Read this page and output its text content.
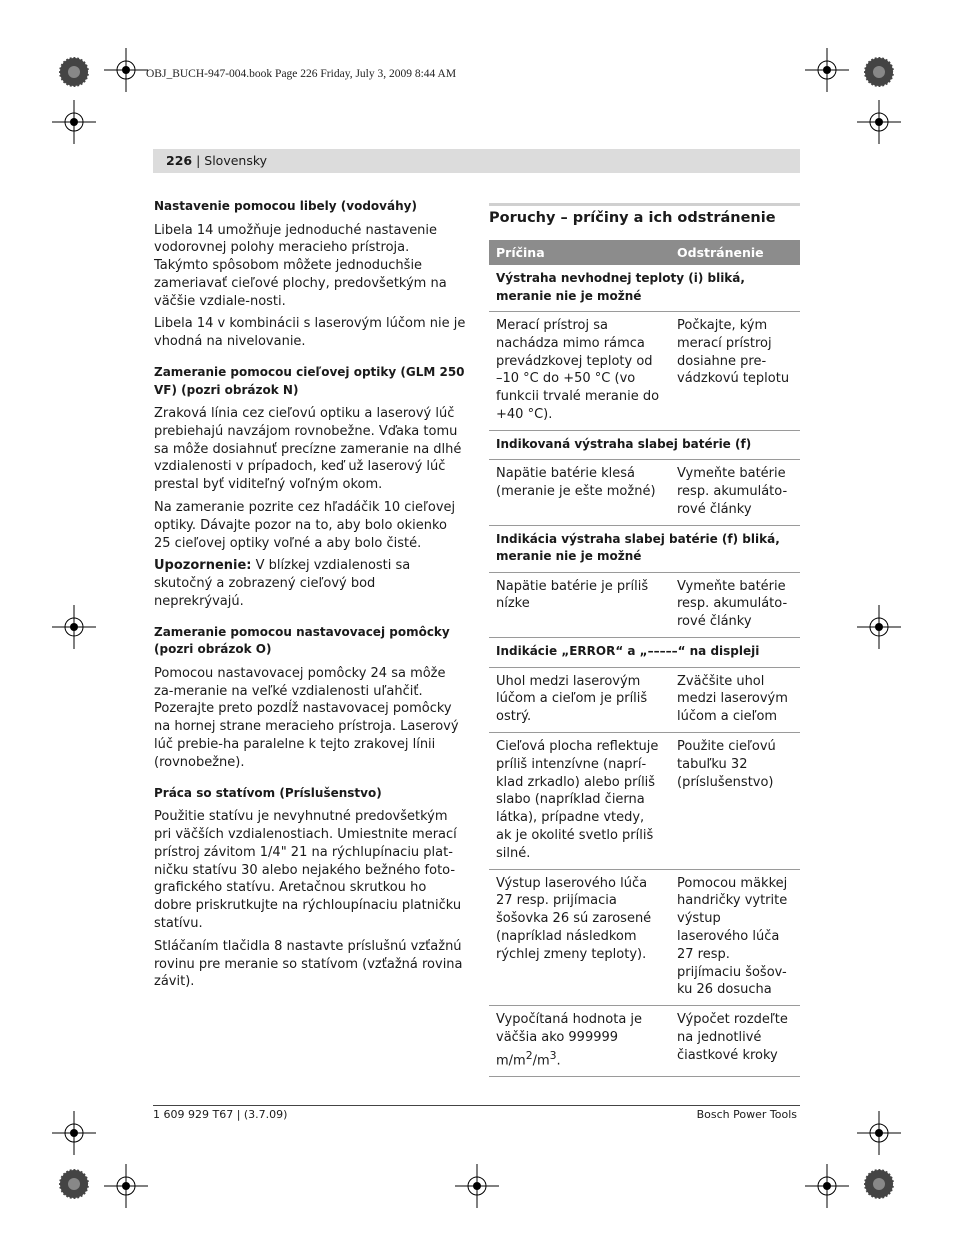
OBJ_BUCH-947-004.book Page 226 Friday, July 3, 2009 8:44 AM
226 | Slovensky
Nastavenie pomocou libely (vodováhy)

Libela 14 umožňuje jednoduché nastavenie vodorovnej polohy meracieho prístroja. Takýmto spôsobom môžete jednoduchšie zameriavať cieľové plochy, predovšetkým na väčšie vzdiale-nosti.

Libela 14 v kombinácii s laserovým lúčom nie je vhodná na nivelovanie.

Zameranie pomocou cieľovej optiky (GLM 250 VF) (pozri obrázok N)

Zraková línia cez cieľovú optiku a laserový lúč prebiehajú navzájom rovnobežne. Vďaka tomu sa môže dosiahnuť precízne zameranie na dlhé vzdialenosti v prípadoch, keď už laserový lúč prestal byť viditeľný voľným okom.

Na zameranie pozrite cez hľadáčik 10 cieľovej optiky. Dávajte pozor na to, aby bolo okienko 25 cieľovej optiky voľné a aby bolo čisté.

Upozornenie: V blízkej vzdialenosti sa skutočný a zobrazený cieľový bod neprekrývajú.

Zameranie pomocou nastavovacej pomôcky (pozri obrázok O)

Pomocou nastavovacej pomôcky 24 sa môže za-meranie na veľké vzdialenosti uľahčiť. Pozerajte preto pozdĺž nastavovacej pomôcky na hornej strane meracieho prístroja. Laserový lúč prebie-ha paralelne k tejto zrakovej línii (rovnobežne).

Práca so statívom (Príslušenstvo)

Použitie statívu je nevyhnutné predovšetkým pri väčších vzdialenostiach. Umiestnite merací prístroj závitom 1/4" 21 na rýchlupínaciu plat-ničku statívu 30 alebo nejakého bežného foto-grafického statívu. Aretačnou skrutkou ho dobre priskrutkujte na rýchloupínaciu platničku statívu.

Stláčaním tlačidla 8 nastavte príslušnú vzťažnú rovinu pre meranie so statívom (vzťažná rovina závit).

Poruchy – príčiny a ich odstránenie
Príčina	Odstránenie
Výstraha nevhodnej teploty (i) bliká, meranie nie je možné	
Merací prístroj sa nachádza mimo rámca prevádzkovej teploty od –10 °C do +50 °C (vo funkcii trvalé meranie do +40 °C).	Počkajte, kým merací prístroj dosiahne pre-vádzkovú teplotu
Indikovaná výstraha slabej batérie (f)	
Napätie batérie klesá (meranie je ešte možné)	Vymeňte batérie resp. akumuláto-rové články
Indikácia výstraha slabej batérie (f) bliká, meranie nie je možné	
Napätie batérie je príliš nízke	Vymeňte batérie resp. akumuláto-rové články
Indikácie „ERROR“ a „–––––“ na displeji	
Uhol medzi laserovým lúčom a cieľom je príliš ostrý.	Zväčšite uhol medzi laserovým lúčom a cieľom
Cieľová plocha reflektuje príliš intenzívne (naprí-klad zrkadlo) alebo príliš slabo (napríklad čierna látka), prípadne vtedy, ak je okolité svetlo príliš silné.	Použite cieľovú tabuľku 32 (príslušenstvo)
Výstup laserového lúča 27 resp. prijímacia šošovka 26 sú zarosené (napríklad následkom rýchlej zmeny teploty).	Pomocou mäkkej handričky vytrite výstup laserového lúča 27 resp. prijímaciu šošov-ku 26 dosucha
Vypočítaná hodnota je väčšia ako 999999 $m/m^2/m^3$.	Výpočet rozdeľte na jednotlivé čiastkové kroky
1 609 929 T67 | (3.7.09)	Bosch Power Tools
